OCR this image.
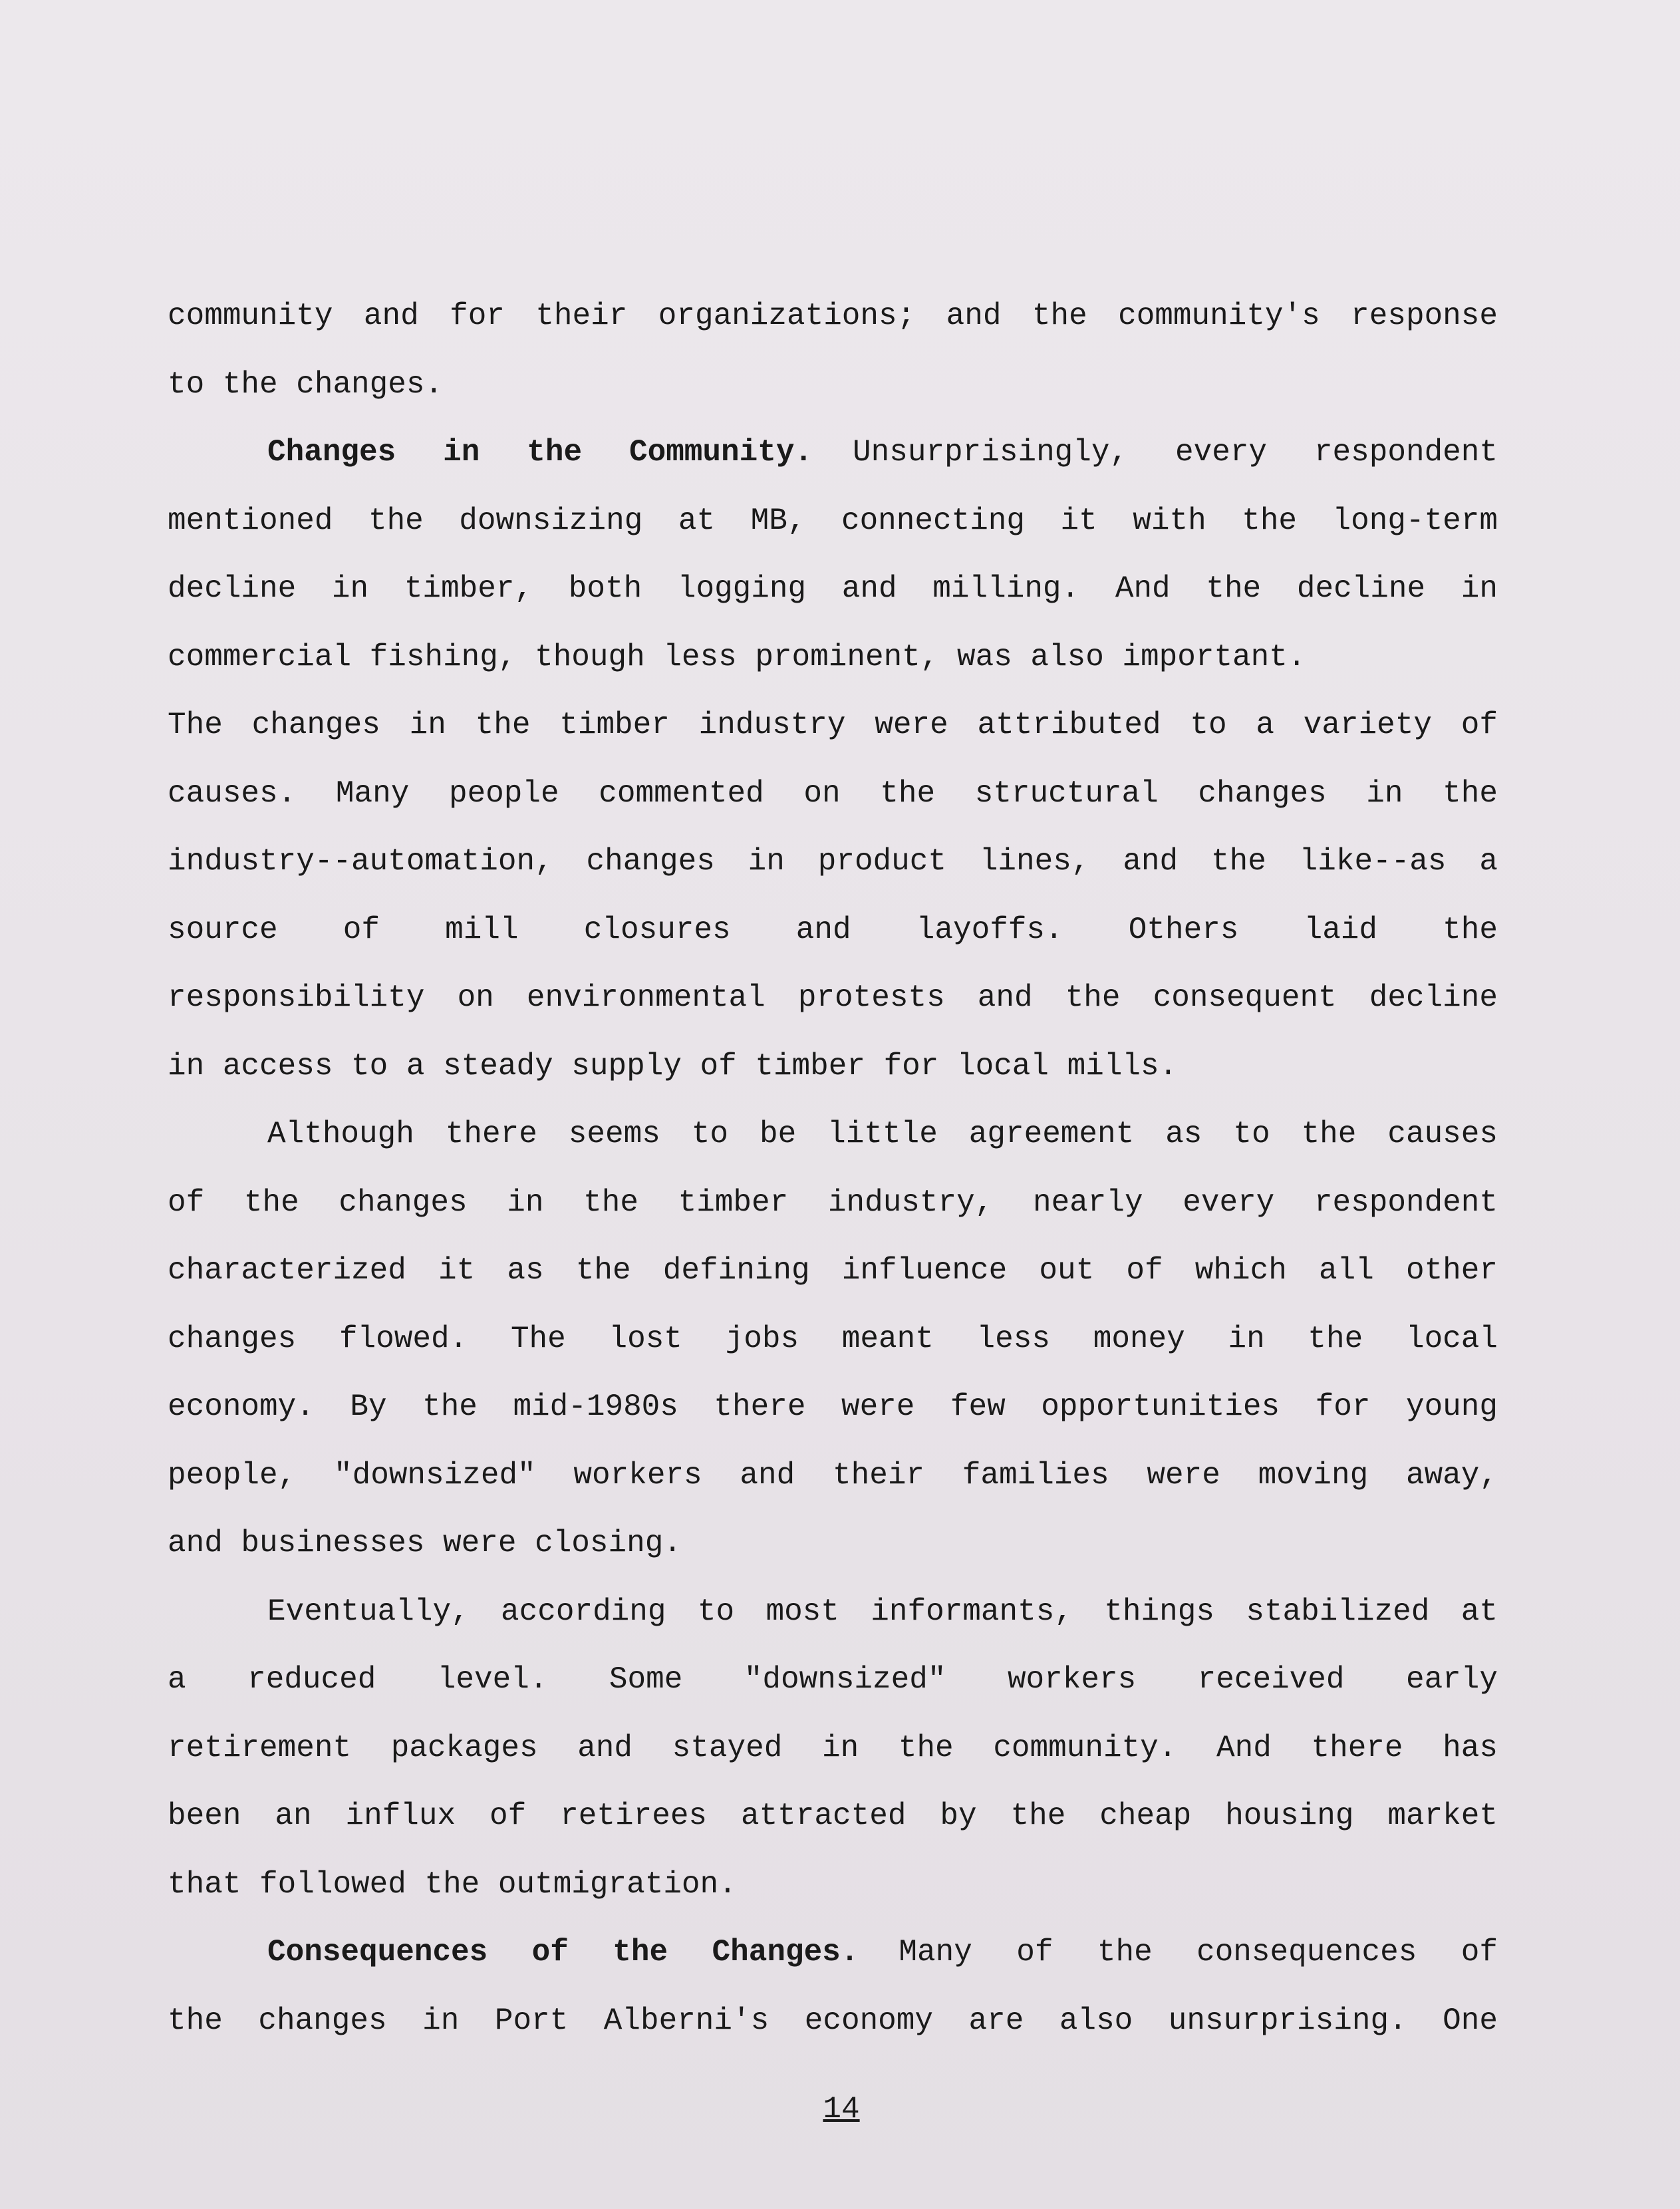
community and for their organizations; and the community's response
to the changes.
Changes in the Community. Unsurprisingly, every respondent
mentioned the downsizing at MB, connecting it with the long-term
decline in timber, both logging and milling. And the decline in
commercial fishing, though less prominent, was also important.
The changes in the timber industry were attributed to a variety of
causes. Many people commented on the structural changes in the
industry--automation, changes in product lines, and the like--as a
source of mill closures and layoffs. Others laid the
responsibility on environmental protests and the consequent decline
in access to a steady supply of timber for local mills.
Although there seems to be little agreement as to the causes
of the changes in the timber industry, nearly every respondent
characterized it as the defining influence out of which all other
changes flowed. The lost jobs meant less money in the local
economy. By the mid-1980s there were few opportunities for young
people, "downsized" workers and their families were moving away,
and businesses were closing.
Eventually, according to most informants, things stabilized at
a reduced level. Some "downsized" workers received early
retirement packages and stayed in the community. And there has
been an influx of retirees attracted by the cheap housing market
that followed the outmigration.
Consequences of the Changes. Many of the consequences of
the changes in Port Alberni's economy are also unsurprising. One
14
